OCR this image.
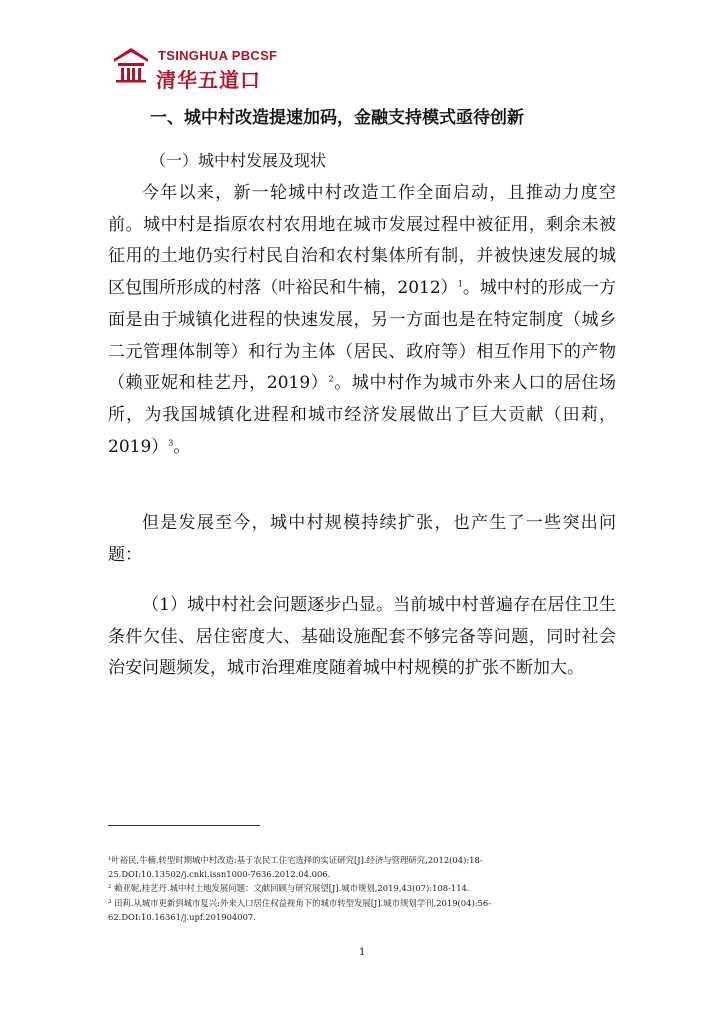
TSINGHUA PBCSF
清华五道口
一、城中村改造提速加码，金融支持模式亟待创新
（一）城中村发展及现状

今年以来，新一轮城中村改造工作全面启动，且推动力度空前。城中村是指原农村农用地在城市发展过程中被征用，剩余未被征用的土地仍实行村民自治和农村集体所有制，并被快速发展的城区包围所形成的村落（叶裕民和牛楠，2012）$^1$。城中村的形成一方面是由于城镇化进程的快速发展，另一方面也是在特定制度（城乡二元管理体制等）和行为主体（居民、政府等）相互作用下的产物（赖亚妮和桂艺丹，2019）$^2$。城中村作为城市外来人口的居住场所，为我国城镇化进程和城市经济发展做出了巨大贡献（田莉，2019）$^3$。

但是发展至今，城中村规模持续扩张，也产生了一些突出问题：

（1）城中村社会问题逐步凸显。当前城中村普遍存在居住卫生条件欠佳、居住密度大、基础设施配套不够完备等问题，同时社会治安问题频发，城市治理难度随着城中村规模的扩张不断加大。

¹叶裕民,牛楠.转型时期城中村改造:基于农民工住宅选择的实证研究[J].经济与管理研究,2012(04):18-25.DOI:10.13502/j.cnki.issn1000-7636.2012.04.006.

² 赖亚妮,桂艺丹.城中村土地发展问题：文献回顾与研究展望[J].城市规划,2019,43(07):108-114.

³ 田莉.从城市更新到城市复兴:外来人口居住权益视角下的城市转型发展[J].城市规划学刊,2019(04):56-62.DOI:10.16361/j.upf.201904007.

1
